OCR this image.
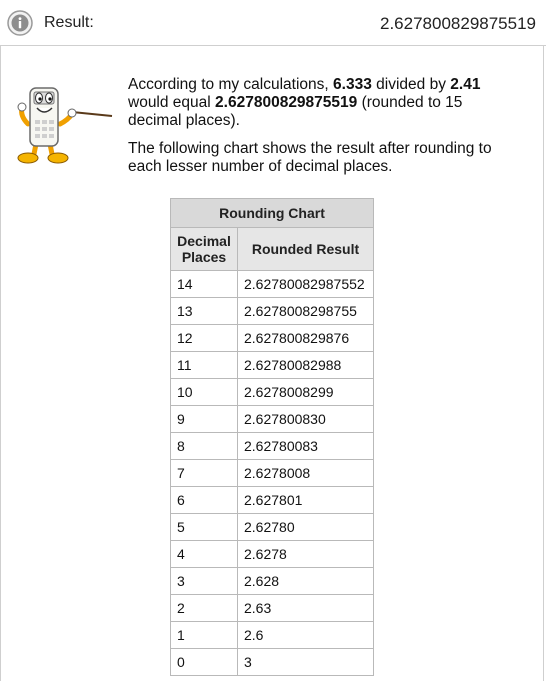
Result:	2.627800829875519

According to my calculations, 6.333 divided by 2.41 would equal 2.627800829875519 (rounded to 15 decimal places).

The following chart shows the result after rounding to each lesser number of decimal places.

Rounding Chart	
Decimal Places	Rounded Result
14	2.62780082987552
13	2.6278008298755
12	2.627800829876
11	2.62780082988
10	2.6278008299
9	2.627800830
8	2.62780083
7	2.6278008
6	2.627801
5	2.62780
4	2.6278
3	2.628
2	2.63
1	2.6
0	3
